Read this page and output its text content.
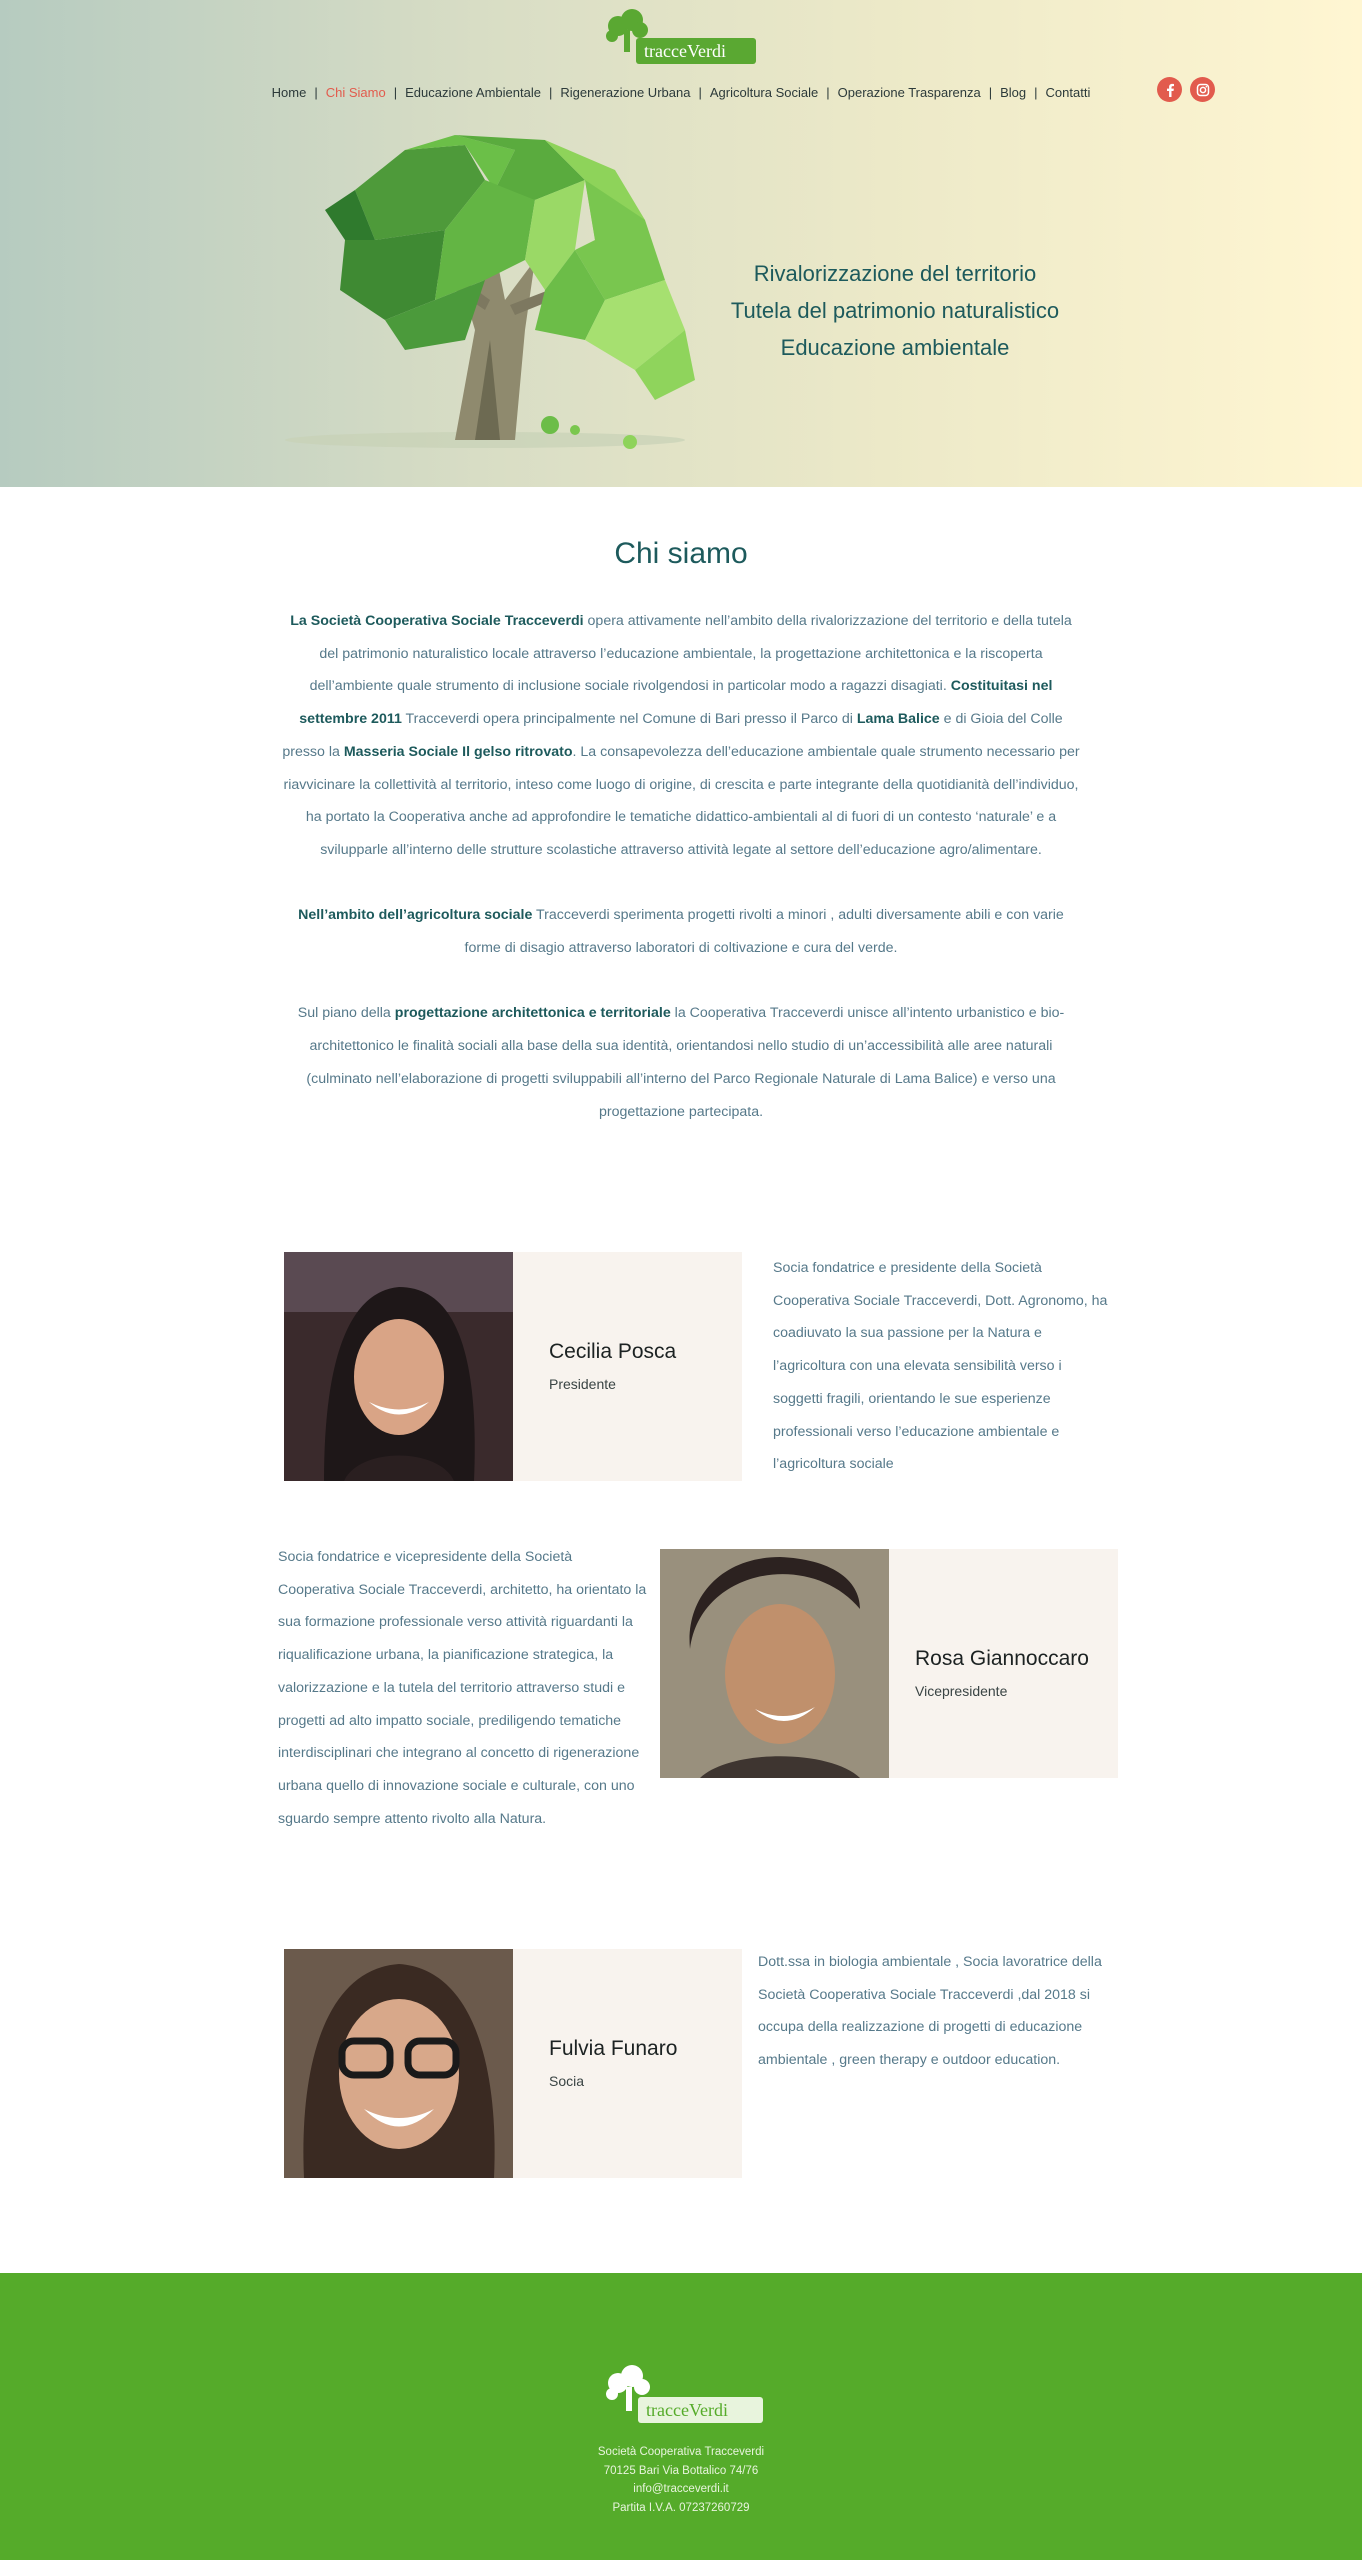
tracceVerdi
Home | Chi Siamo | Educazione Ambientale | Rigenerazione Urbana | Agricoltura Sociale | Operazione Trasparenza | Blog | Contatti
Rivalorizzazione del territorio
Tutela del patrimonio naturalistico
Educazione ambientale
Chi siamo

La Società Cooperativa Sociale Tracceverdi opera attivamente nell’ambito della rivalorizzazione del territorio e della tutela del patrimonio naturalistico locale attraverso l’educazione ambientale, la progettazione architettonica e la riscoperta dell’ambiente quale strumento di inclusione sociale rivolgendosi in particolar modo a ragazzi disagiati. Costituitasi nel settembre 2011 Tracceverdi opera principalmente nel Comune di Bari presso il Parco di Lama Balice e di Gioia del Colle presso la Masseria Sociale Il gelso ritrovato. La consapevolezza dell’educazione ambientale quale strumento necessario per riavvicinare la collettività al territorio, inteso come luogo di origine, di crescita e parte integrante della quotidianità dell’individuo, ha portato la Cooperativa anche ad approfondire le tematiche didattico-ambientali al di fuori di un contesto ‘naturale’ e a svilupparle all’interno delle strutture scolastiche attraverso attività legate al settore dell’educazione agro/alimentare.

Nell’ambito dell’agricoltura sociale Tracceverdi sperimenta progetti rivolti a minori , adulti diversamente abili e con varie forme di disagio attraverso laboratori di coltivazione e cura del verde.

Sul piano della progettazione architettonica e territoriale la Cooperativa Tracceverdi unisce all’intento urbanistico e bio-architettonico le finalità sociali alla base della sua identità, orientandosi nello studio di un’accessibilità alle aree naturali (culminato nell’elaborazione di progetti sviluppabili all’interno del Parco Regionale Naturale di Lama Balice) e verso una progettazione partecipata.

Cecilia Posca
Presidente
Socia fondatrice e presidente della Società Cooperativa Sociale Tracceverdi, Dott. Agronomo, ha coadiuvato la sua passione per la Natura e l’agricoltura con una elevata sensibilità verso i soggetti fragili, orientando le sue esperienze professionali verso l’educazione ambientale e l’agricoltura sociale
Socia fondatrice e vicepresidente della Società Cooperativa Sociale Tracceverdi, architetto, ha orientato la sua formazione professionale verso attività riguardanti la riqualificazione urbana, la pianificazione strategica, la valorizzazione e la tutela del territorio attraverso studi e progetti ad alto impatto sociale, prediligendo tematiche interdisciplinari che integrano al concetto di rigenerazione urbana quello di innovazione sociale e culturale, con uno sguardo sempre attento rivolto alla Natura.
Rosa Giannoccaro
Vicepresidente
Fulvia Funaro
Socia
Dott.ssa in biologia ambientale , Socia lavoratrice della Società Cooperativa Sociale Tracceverdi ,dal 2018 si occupa della realizzazione di progetti di educazione ambientale , green therapy e outdoor education.
tracceVerdi
Società Cooperativa Tracceverdi
70125 Bari Via Bottalico 74/76
info@tracceverdi.it
Partita I.V.A. 07237260729
